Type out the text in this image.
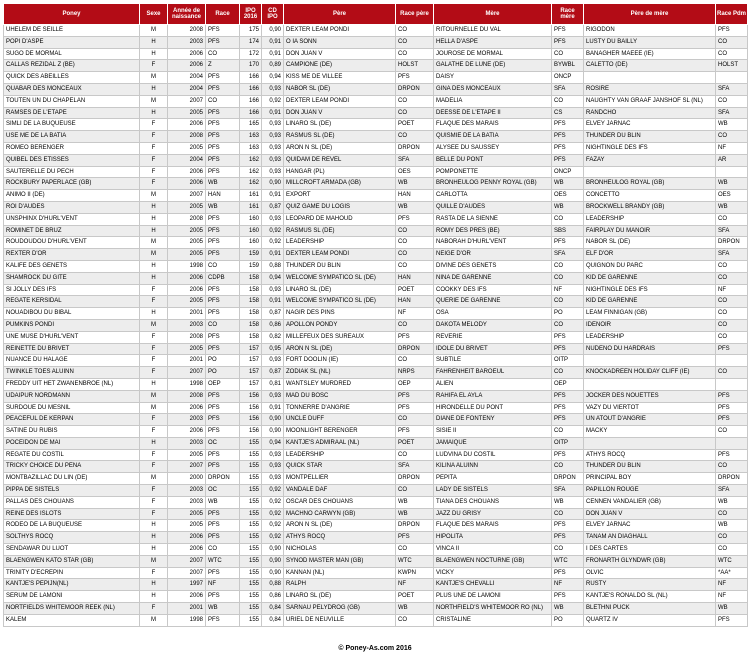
Poney	Sexe	Année de naissance	Race	IPO 2016	CD IPO	Père	Race père	Mère	Race mère	Père de mère	Race Pdm
UHELEM DE SEILLE	M	2008	PFS	175	0,90	DEXTER LEAM PONDI	CO	RITOURNELLE DU VAL	PFS	RIGODON	PFS
POPI D'ASPE	H	2003	PFS	174	0,91	O IA SONN	CO	HELLA D'ASPE	PFS	LUSTY DU BAILLY	CO
SUGO DE MORMAL	H	2006	CO	172	0,91	DON JUAN V	CO	JOUROSE DE MORMAL	CO	BANAGHER MAEEE (IE)	CO
CALLAS REZIDAL Z (BE)	F	2006	Z	170	0,89	CAMPIONE (DE)	HOLST	GALATHE DE LUNE (DE)	BYWBL	CALETTO (DE)	HOLST
QUICK DES ABEILLES	M	2004	PFS	166	0,94	KISS ME DE VILLEE	PFS	DAISY	ONCP		
QUABAR DES MONCEAUX	H	2004	PFS	166	0,93	NABOR SL (DE)	DRPON	GINA DES MONCEAUX	SFA	ROSIRE	SFA
TOUTEN UN DU CHAPELAN	M	2007	CO	166	0,92	DEXTER LEAM PONDI	CO	MADELIA	CO	NAUGHTY VAN GRAAF JANSHOF SL (NL)	CO
RAMSES DE L'ETAPE	H	2005	PFS	166	0,91	DON JUAN V	CO	DEESSE DE L'ETAPE II	CS	RANDCHO	SFA
SIMLI DE LA BUQUEUSE	F	2006	PFS	165	0,93	LINARO SL (DE)	POET	FLAQUE DES MARAIS	PFS	ELVEY JARNAC	WB
USE ME DE LA BATIA	F	2008	PFS	163	0,93	RASMUS SL (DE)	CO	QUISMIE DE LA BATIA	PFS	THUNDER DU BLIN	CO
ROMEO BERENGER	F	2005	PFS	163	0,93	ARON N SL (DE)	DRPON	ALYSEE DU SAUSSEY	PFS	NIGHTINGLE DES IFS	NF
QUIBEL DES ETISSES	F	2004	PFS	162	0,93	QUIDAM DE REVEL	SFA	BELLE DU PONT	PFS	FAZAY	AR
SAUTERELLE DU PECH	F	2006	PFS	162	0,93	HANGAR (PL)	OES	POMPONETTE	ONCP		
ROCKBURY PAPERLACE (GB)	F	2006	WB	162	0,90	MILLCROFT ARMADA (GB)	WB	BRONHEULOG PENNY ROYAL (GB)	WB	BRONHEULOG ROYAL (GB)	WB
ANIMO II (DE)	M	2007	HAN	161	0,91	EXPORT	HAN	CARLOTTA	OES	CONCETTO	OES
ROI D'AUDES	H	2005	WB	161	0,87	QUIZ GAME DU LOGIS	WB	QUILLE D'AUDES	WB	BROCKWELL BRANDY (GB)	WB
UNSPHINX D'HURL'VENT	H	2008	PFS	160	0,93	LEOPARD DE MAHOUD	PFS	RASTA DE LA SIENNE	CO	LEADERSHIP	CO
ROMINET DE BRUZ	H	2005	PFS	160	0,92	RASMUS SL (DE)	CO	ROMY DES PRES (BE)	SBS	FAIRPLAY DU MANOIR	SFA
ROUDOUDOU D'HURL'VENT	M	2005	PFS	160	0,92	LEADERSHIP	CO	NABORAH D'HURL'VENT	PFS	NABOR SL (DE)	DRPON
REXTER D'OR	M	2005	PFS	159	0,91	DEXTER LEAM PONDI	CO	NEIGE D'OR	SFA	ELF D'OR	SFA
KALIFE DES GENETS	H	1998	CO	159	0,88	THUNDER DU BLIN	CO	DIVINE DES GENETS	CO	QUIGNON DU PARC	CO
SHAMROCK DU GITE	H	2006	CDPB	158	0,94	WELCOME SYMPATICO SL (DE)	HAN	NINA DE GARENNE	CO	KID DE GARENNE	CO
SI JOLLY DES IFS	F	2006	PFS	158	0,93	LINARO SL (DE)	POET	COOKKY DES IFS	NF	NIGHTINGLE DES IFS	NF
REGATE KERSIDAL	F	2005	PFS	158	0,91	WELCOME SYMPATICO SL (DE)	HAN	QUERIE DE GARENNE	CO	KID DE GARENNE	CO
NOUADIBOU DU BIBAL	H	2001	PFS	158	0,87	NAGIR DES PINS	NF	OSA	PO	LEAM FINNIGAN (GB)	CO
PUMKINS PONDI	M	2003	CO	158	0,86	APOLLON PONDY	CO	DAKOTA MELODY	CO	IDENOIR	CO
UNE MUSE D'HURL'VENT	F	2008	PFS	158	0,82	MILLEFEUX DES SUREAUX	PFS	REVERIE	PFS	LEADERSHIP	CO
REINETTE DU BRIVET	F	2005	PFS	157	0,95	ARON N SL (DE)	DRPON	IDOLE DU BRIVET	PFS	NUDENO DU HARDRAIS	PFS
NUANCE DU HALAGE	F	2001	PO	157	0,93	FORT DOOLIN (IE)	CO	SUBTILE	OITP		
TWINKLE TOES ALUINN	F	2007	PO	157	0,87	ZODIAK SL (NL)	NRPS	FAHRENHEIT BAROEUL	CO	KNOCKADREEN HOLIDAY CLIFF (IE)	CO
FREDDY UIT HET ZWANENBROE (NL)	H	1998	OEP	157	0,81	WANTSLEY MURDRED	OEP	ALIEN	OEP		
UDAIPUR NORDMANN	M	2008	PFS	156	0,93	MAD DU BOSC	PFS	RAHIFA EL AYLA	PFS	JOCKER DES NOUETTES	PFS
SURDOUE DU MESNIL	M	2006	PFS	156	0,91	TONNERRE D'ANGRIE	PFS	HIRONDELLE DU PONT	PFS	VAZY DU VIERTOT	PFS
PEACEFUL DE KERPAN	F	2003	PFS	156	0,90	UNCLE DUFF	CO	DIANE DE FONTENY	PFS	UN ATOUT D'ANGRIE	PFS
SATINE DU RUBIS	F	2006	PFS	156	0,90	MOONLIGHT BERENGER	PFS	SISIE II	CO	MACKY	CO
POCEIDON DE MAI	H	2003	OC	155	0,94	KANTJE'S ADMIRAAL (NL)	POET	JAMAIQUE	OITP		
REGATE DU COSTIL	F	2005	PFS	155	0,93	LEADERSHIP	CO	LUDVINA DU COSTIL	PFS	ATHYS ROCQ	PFS
TRICKY CHOICE DU PENA	F	2007	PFS	155	0,93	QUICK STAR	SFA	KILINA ALUINN	CO	THUNDER DU BLIN	CO
MONTBAZILLAC DU LIN (DE)	M	2000	DRPON	155	0,93	MONTPELLIER	DRPON	PEPITA	DRPON	PRINCIPAL BOY	DRPON
PIPPA DE SISTELS	F	2003	OC	155	0,92	VANDALE DAF	CO	LADY DE SISTELS	SFA	PAPILLON ROUGE	SFA
PALLAS DES CHOUANS	F	2003	WB	155	0,92	OSCAR DES CHOUANS	WB	TIANA DES CHOUANS	WB	CENNEN VANDALIER (GB)	WB
REINE DES ISLOTS	F	2005	PFS	155	0,92	MACHNO CARWYN (GB)	WB	JAZZ DU GRISY	CO	DON JUAN V	CO
RODEO DE LA BUQUEUSE	H	2005	PFS	155	0,92	ARON N SL (DE)	DRPON	FLAQUE DES MARAIS	PFS	ELVEY JARNAC	WB
SOLTHYS ROCQ	H	2006	PFS	155	0,92	ATHYS ROCQ	PFS	HIPOLITA	PFS	TANAM AN DIAGHALL	CO
SENDAWAR DU LUOT	H	2006	CO	155	0,90	NICHOLAS	CO	VINCA II	CO	I DES CARTES	CO
BLAENGWEN KATO STAR (GB)	M	2007	WTC	155	0,90	SYNOD MASTER MAN (GB)	WTC	BLAENGWEN NOCTURNE (GB)	WTC	FRONARTH GLYNDWR (GB)	WTC
TRINITY D'ECREPIN	F	2007	PFS	155	0,90	KANNAN (NL)	KWPN	VICKY	PFS	OLVIC	*AA*
KANTJE'S PEPIJN(NL)	H	1997	NF	155	0,88	RALPH	NF	KANTJE'S CHEVALLI	NF	RUSTY	NF
SERUM DE LAMONI	H	2006	PFS	155	0,86	LINARO SL (DE)	POET	PLUS UNE DE LAMONI	PFS	KANTJE'S RONALDO SL (NL)	NF
NORTFIELDS WHITEMOOR REEK (NL)	F	2001	WB	155	0,84	SARNAU PELYDROG (GB)	WB	NORTHFIELD'S WHITEMOOR RO (NL)	WB	BLETHNI PUCK	WB
KALEM	M	1998	PFS	155	0,84	URIEL DE NEUVILLE	CO	CRISTALINE	PO	QUARTZ IV	PFS
© Poney-As.com 2016
